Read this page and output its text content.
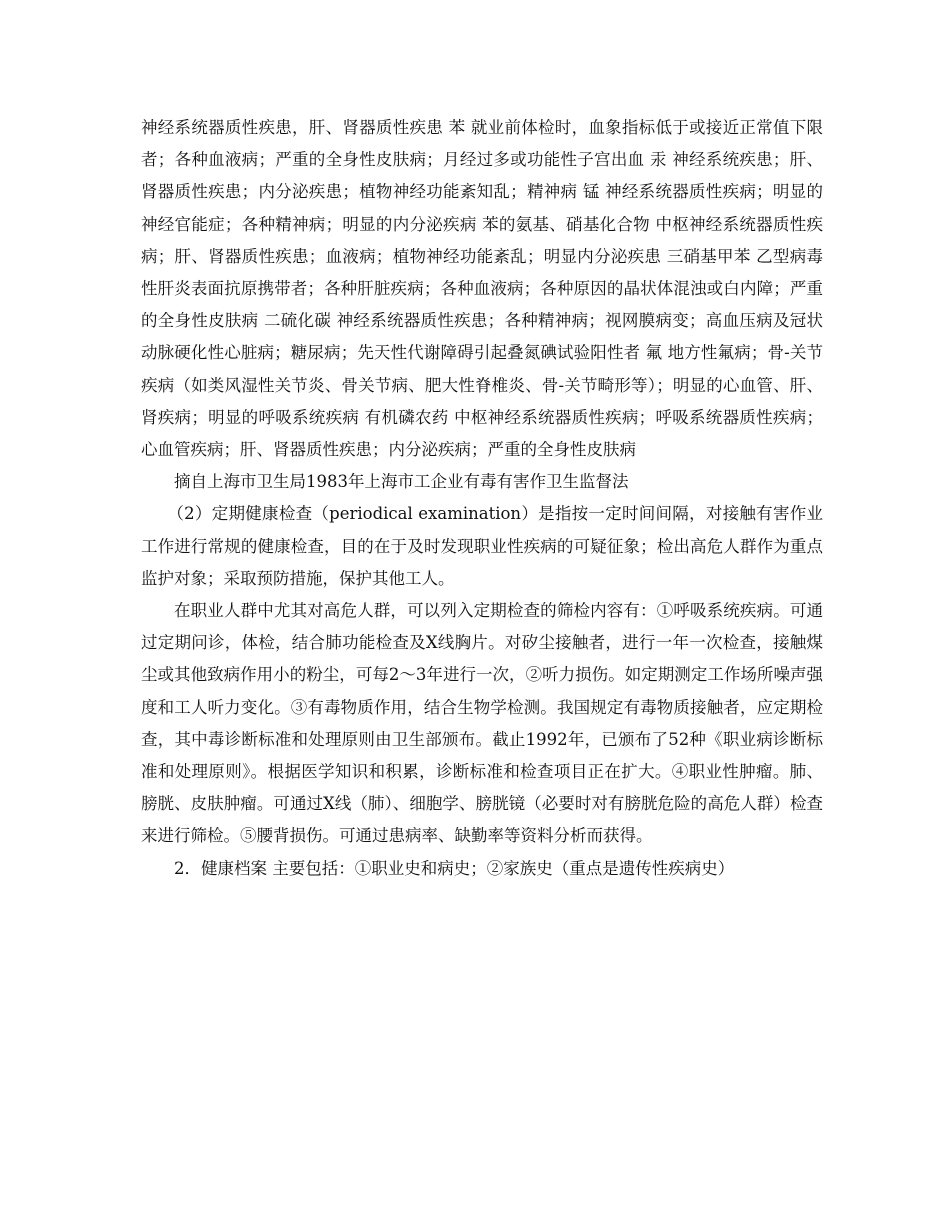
神经系统器质性疾患，肝、肾器质性疾患 苯 就业前体检时，血象指标低于或接近正常值下限者；各种血液病；严重的全身性皮肤病；月经过多或功能性子宫出血 汞 神经系统疾患；肝、肾器质性疾患；内分泌疾患；植物神经功能紊知乱；精神病 锰 神经系统器质性疾病；明显的神经官能症；各种精神病；明显的内分泌疾病 苯的氨基、硝基化合物 中枢神经系统器质性疾病；肝、肾器质性疾患；血液病；植物神经功能紊乱；明显内分泌疾患 三硝基甲苯 乙型病毒性肝炎表面抗原携带者；各种肝脏疾病；各种血液病；各种原因的晶状体混浊或白内障；严重的全身性皮肤病 二硫化碳 神经系统器质性疾患；各种精神病；视网膜病变；高血压病及冠状动脉硬化性心脏病；糖尿病；先天性代谢障碍引起叠氮碘试验阳性者 氟 地方性氟病；骨-关节疾病（如类风湿性关节炎、骨关节病、肥大性脊椎炎、骨-关节畸形等）；明显的心血管、肝、肾疾病；明显的呼吸系统疾病 有机磷农药 中枢神经系统器质性疾病；呼吸系统器质性疾病；心血管疾病；肝、肾器质性疾患；内分泌疾病；严重的全身性皮肤病

摘自上海市卫生局1983年上海市工企业有毒有害作卫生监督法

（2）定期健康检查（periodical examination）是指按一定时间间隔，对接触有害作业工作进行常规的健康检查，目的在于及时发现职业性疾病的可疑征象；检出高危人群作为重点监护对象；采取预防措施，保护其他工人。

在职业人群中尤其对高危人群，可以列入定期检查的筛检内容有：①呼吸系统疾病。可通过定期问诊，体检，结合肺功能检查及X线胸片。对矽尘接触者，进行一年一次检查，接触煤尘或其他致病作用小的粉尘，可每2～3年进行一次，②听力损伤。如定期测定工作场所噪声强度和工人听力变化。③有毒物质作用，结合生物学检测。我国规定有毒物质接触者，应定期检查，其中毒诊断标准和处理原则由卫生部颁布。截止1992年，已颁布了52种《职业病诊断标准和处理原则》。根据医学知识和积累，诊断标准和检查项目正在扩大。④职业性肿瘤。肺、膀胱、皮肤肿瘤。可通过X线（肺）、细胞学、膀胱镜（必要时对有膀胱危险的高危人群）检查来进行筛检。⑤腰背损伤。可通过患病率、缺勤率等资料分析而获得。

2．健康档案 主要包括：①职业史和病史；②家族史（重点是遗传性疾病史）
